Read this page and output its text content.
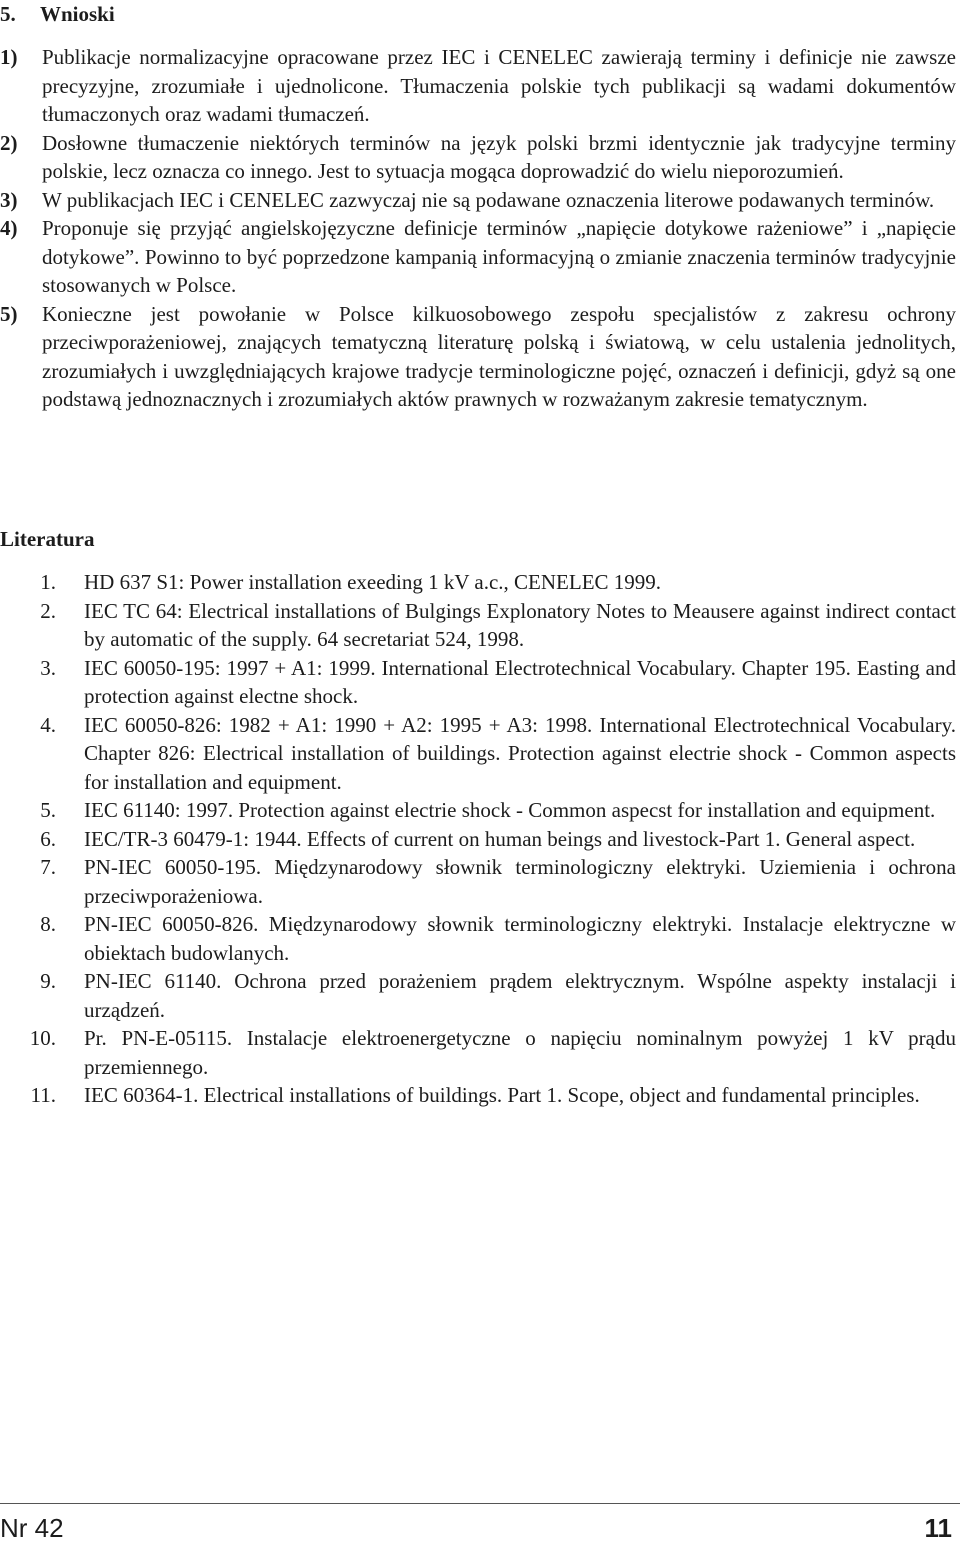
5. Wnioski
1)	Publikacje normalizacyjne opracowane przez IEC i CENELEC zawierają terminy i definicje nie zawsze precyzyjne, zrozumiałe i ujednolicone. Tłumaczenia polskie tych publikacji są wadami dokumentów tłumaczonych oraz wadami tłumaczeń.
2)	Dosłowne tłumaczenie niektórych terminów na język polski brzmi identycznie jak tradycyjne terminy polskie, lecz oznacza co innego. Jest to sytuacja mogąca doprowadzić do wielu nieporozumień.
3)	W publikacjach IEC i CENELEC zazwyczaj nie są podawane oznaczenia literowe podawanych terminów.
4)	Proponuje się przyjąć angielskojęzyczne definicje terminów „napięcie dotykowe rażeniowe” i „napięcie dotykowe”. Powinno to być poprzedzone kampanią informacyjną o zmianie znaczenia terminów tradycyjnie stosowanych w Polsce.
5)	Konieczne jest powołanie w Polsce kilkuosobowego zespołu specjalistów z zakresu ochrony przeciwporażeniowej, znających tematyczną literaturę polską i światową, w celu ustalenia jednolitych, zrozumiałych i uwzględniających krajowe tradycje terminologiczne pojęć, oznaczeń i definicji, gdyż są one podstawą jednoznacznych i zrozumiałych aktów prawnych w rozważanym zakresie tematycznym.
Literatura
1.	HD 637 S1: Power installation exeeding 1 kV a.c., CENELEC 1999.
2.	IEC TC 64: Electrical installations of Bulgings Explonatory Notes to Meausere against indirect contact by automatic of the supply. 64 secretariat 524, 1998.
3.	IEC 60050-195: 1997 + A1: 1999. International Electrotechnical Vocabulary. Chapter 195. Easting and protection against electne shock.
4.	IEC 60050-826: 1982 + A1: 1990 + A2: 1995 + A3: 1998. International Electrotechnical Vocabulary. Chapter 826: Electrical installation of buildings. Protection against electrie shock - Common aspects for installation and equipment.
5.	IEC 61140: 1997. Protection against electrie shock - Common aspecst for installation and equipment.
6.	IEC/TR-3 60479-1: 1944. Effects of current on human beings and livestock-Part 1. General aspect.
7.	PN-IEC 60050-195. Międzynarodowy słownik terminologiczny elektryki. Uziemienia i ochrona przeciwporażeniowa.
8.	PN-IEC 60050-826. Międzynarodowy słownik terminologiczny elektryki. Instalacje elektryczne w obiektach budowlanych.
9.	PN-IEC 61140. Ochrona przed porażeniem prądem elektrycznym. Wspólne aspekty instalacji i urządzeń.
10.	Pr. PN-E-05115. Instalacje elektroenergetyczne o napięciu nominalnym powyżej 1 kV prądu przemiennego.
11.	IEC 60364-1. Electrical installations of buildings. Part 1. Scope, object and fundamental principles.
Nr 42	11
